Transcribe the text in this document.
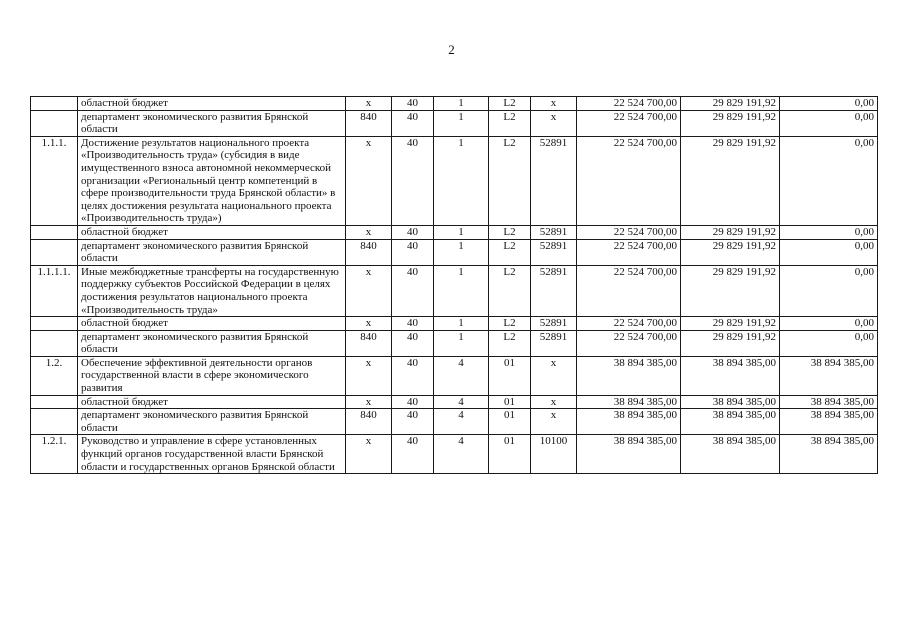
2
	областной бюджет	х	40	1	L2	х	22 524 700,00	29 829 191,92	0,00
	департамент экономического развития Брянской области	840	40	1	L2	х	22 524 700,00	29 829 191,92	0,00
1.1.1.	Достижение результатов национального проекта «Производительность труда» (субсидия в виде имущественного взноса автономной некоммерческой организации «Региональный центр компетенций в сфере производительности труда Брянской области» в целях достижения результата национального проекта «Производительность труда»)	х	40	1	L2	52891	22 524 700,00	29 829 191,92	0,00
	областной бюджет	х	40	1	L2	52891	22 524 700,00	29 829 191,92	0,00
	департамент экономического развития Брянской области	840	40	1	L2	52891	22 524 700,00	29 829 191,92	0,00
1.1.1.1.	Иные межбюджетные трансферты на государственную поддержку субъектов Российской Федерации в целях достижения результатов национального проекта «Производительность труда»	х	40	1	L2	52891	22 524 700,00	29 829 191,92	0,00
	областной бюджет	х	40	1	L2	52891	22 524 700,00	29 829 191,92	0,00
	департамент экономического развития Брянской области	840	40	1	L2	52891	22 524 700,00	29 829 191,92	0,00
1.2.	Обеспечение эффективной деятельности органов государственной власти в сфере экономического развития	х	40	4	01	х	38 894 385,00	38 894 385,00	38 894 385,00
	областной бюджет	х	40	4	01	х	38 894 385,00	38 894 385,00	38 894 385,00
	департамент экономического развития Брянской области	840	40	4	01	х	38 894 385,00	38 894 385,00	38 894 385,00
1.2.1.	Руководство и управление в сфере установленных функций органов государственной власти Брянской области и государственных органов Брянской области	х	40	4	01	10100	38 894 385,00	38 894 385,00	38 894 385,00
